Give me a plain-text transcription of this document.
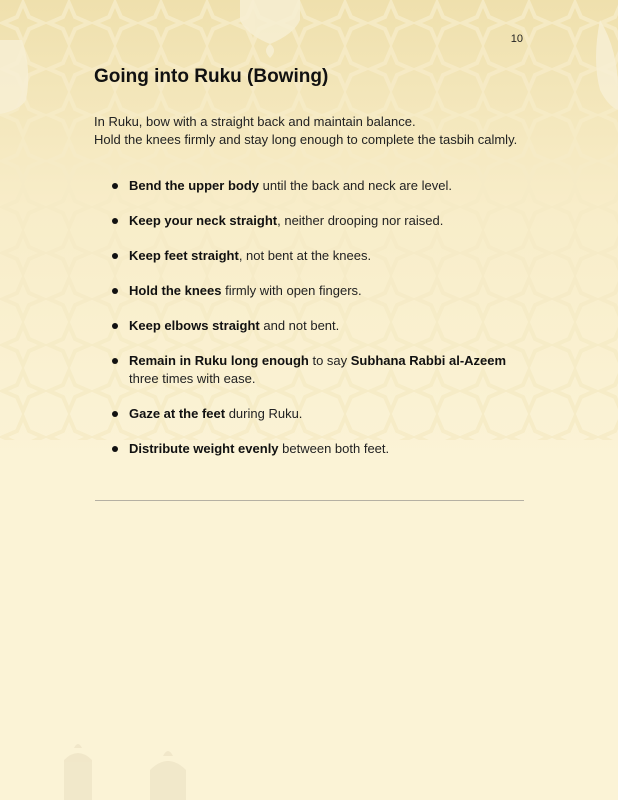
10
Going into Ruku (Bowing)

In Ruku, bow with a straight back and maintain balance.

Hold the knees firmly and stay long enough to complete the tasbih calmly.

Bend the upper body until the back and neck are level.
Keep your neck straight, neither drooping nor raised.
Keep feet straight, not bent at the knees.
Hold the knees firmly with open fingers.
Keep elbows straight and not bent.
Remain in Ruku long enough to say Subhana Rabbi al-Azeem three times with ease.
Gaze at the feet during Ruku.
Distribute weight evenly between both feet.
